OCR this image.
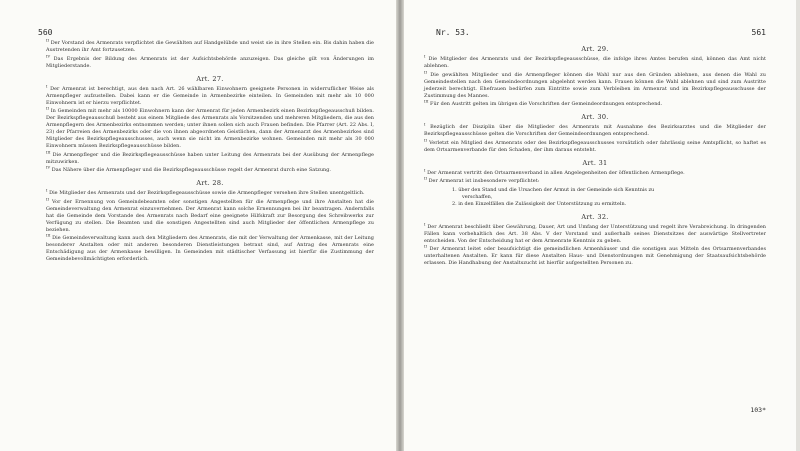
560

$^{II}$ Der Vorstand des Armenrats verpflichtet die Gewählten auf Handgelübde und weist sie in ihre Stellen ein. Bis dahin haben die Austretenden ihr Amt fortzusetzen.

$^{IV}$ Das Ergebnis der Bildung des Armenrats ist der Aufsichtsbehörde anzuzeigen. Das gleiche gilt von Änderungen im Mitgliederstande.

Art. 27.

$^I$ Der Armenrat ist berechtigt, aus den nach Art. 26 wählbaren Einwohnern geeignete Personen in widerruflicher Weise als Armenpfleger aufzustellen. Dabei kann er die Gemeinde in Armenbezirke einteilen. In Gemeinden mit mehr als 10 000 Einwohnern ist er hierzu verpflichtet.

$^{II}$ In Gemeinden mit mehr als 10000 Einwohnern kann der Armenrat für jeden Armenbezirk einen Bezirkspflegeausschuß bilden. Der Bezirkspflegeausschuß besteht aus einem Mitgliede des Armenrats als Vorsitzenden und mehreren Mitgliedern, die aus den Armenpflegern des Armenbezirks entnommen werden; unter ihnen sollen sich auch Frauen befinden. Die Pfarrer (Art. 22 Abs. I, 23) der Pfarreien des Armenbezirks oder die von ihnen abgeordneten Geistlichen, dann der Armenarzt des Armenbezirkes sind Mitglieder des Bezirkspflegeausschusses, auch wenn sie nicht im Armenbezirke wohnen. Gemeinden mit mehr als 30 000 Einwohnern müssen Bezirkspflegeausschüsse bilden.

$^{III}$ Die Armenpfleger und die Bezirkspflegeausschüsse haben unter Leitung des Armenrats bei der Ausübung der Armenpflege mitzuwirken.

$^{IV}$ Das Nähere über die Armenpfleger und die Bezirkspflegeausschüsse regelt der Armenrat durch eine Satzung.

Art. 28.

$^I$ Die Mitglieder des Armenrats und der Bezirkspflegeausschüsse sowie die Armenpfleger versehen ihre Stellen unentgeltlich.

$^{II}$ Vor der Ernennung von Gemeindebeamten oder sonstigen Angestellten für die Armenpflege und ihre Anstalten hat die Gemeindeverwaltung den Armenrat einzuvernehmen. Der Armenrat kann solche Ernennungen bei ihr beantragen. Andernfalls hat die Gemeinde dem Vorstande des Armenrats nach Bedarf eine geeignete Hilfskraft zur Besorgung des Schreibwerks zur Verfügung zu stellen. Die Beamten und die sonstigen Angestellten sind auch Mitglieder der öffentlichen Armenpflege zu beziehen.

$^{III}$ Die Gemeindeverwaltung kann auch den Mitgliedern des Armenrats, die mit der Verwaltung der Armenkasse, mit der Leitung besonderer Anstalten oder mit anderen besonderen Dienstleistungen betraut sind, auf Antrag des Armenrats eine Entschädigung aus der Armenkasse bewilligen. In Gemeinden mit städtischer Verfassung ist hierfür die Zustimmung der Gemeindebevollmächtigten erforderlich.

Nr. 53.	561
Art. 29.

$^I$ Die Mitglieder des Armenrats und der Bezirkspflegeausschüsse, die infolge ihres Amtes berufen sind, können das Amt nicht ablehnen.

$^{II}$ Die gewählten Mitglieder und die Armenpfleger können die Wahl nur aus den Gründen ablehnen, aus denen die Wahl zu Gemeindestellen nach den Gemeindeordnungen abgelehnt werden kann. Frauen können die Wahl ablehnen und sind zum Austritte jederzeit berechtigt. Ehefrauen bedürfen zum Eintritte sowie zum Verbleiben im Armenrat und im Bezirkspflegeausschusse der Zustimmung des Mannes.

$^{III}$ Für den Austritt gelten im übrigen die Vorschriften der Gemeindeordnungen entsprechend.

Art. 30.

$^I$ Bezüglich der Disziplin über die Mitglieder des Armenrats mit Ausnahme des Bezirksarztes und die Mitglieder der Bezirkspflegeausschüsse gelten die Vorschriften der Gemeindeordnungen entsprechend.

$^{II}$ Verletzt ein Mitglied des Armenrats oder des Bezirkspflegeausschusses vorsätzlich oder fahrlässig seine Amtspflicht, so haftet es dem Ortsarmenverbande für den Schaden, der ihm daraus entsteht.

Art. 31

$^I$ Der Armenrat vertritt den Ortsarmenverband in allen Angelegenheiten der öffentlichen Armenpflege.

$^{II}$ Der Armenrat ist insbesondere verpflichtet:

1. über den Stand und die Ursachen der Armut in der Gemeinde sich Kenntnis zu
verschaffen,
2. in den Einzelfällen die Zulässigkeit der Unterstützung zu ermitteln.
Art. 32.

$^I$ Der Armenrat beschließt über Gewährung, Dauer, Art und Umfang der Unterstützung und regelt ihre Verabreichung. In dringenden Fällen kann vorbehaltlich des Art. 38 Abs. V der Vorstand und außerhalb seines Dienstsitzes der auswärtige Stellvertreter entscheiden. Von der Entscheidung hat er dem Armenrate Kenntnis zu geben.

$^{II}$ Der Armenrat leitet oder beaufsichtigt die gemeindlichen Armenhäuser und die sonstigen aus Mitteln des Ortsarmenverbandes unterhaltenen Anstalten. Er kann für diese Anstalten Haus- und Dienstordnungen mit Genehmigung der Staatsaufsichtsbehörde erlassen. Die Handhabung der Anstaltszucht ist hierfür aufgestellten Personen zu.

103*
